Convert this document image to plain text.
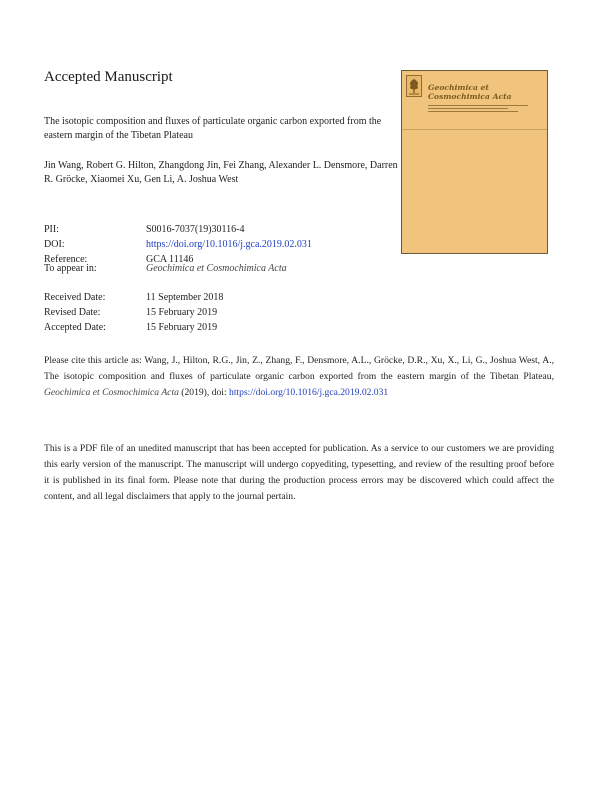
Accepted Manuscript
The isotopic composition and fluxes of particulate organic carbon exported from the eastern margin of the Tibetan Plateau
Jin Wang, Robert G. Hilton, Zhangdong Jin, Fei Zhang, Alexander L. Densmore, Darren R. Gröcke, Xiaomei Xu, Gen Li, A. Joshua West
PII:	S0016-7037(19)30116-4
DOI:	https://doi.org/10.1016/j.gca.2019.02.031
Reference:	GCA 11146
To appear in:	Geochimica et Cosmochimica Acta
Received Date:	11 September 2018
Revised Date:	15 February 2019
Accepted Date:	15 February 2019
Please cite this article as: Wang, J., Hilton, R.G., Jin, Z., Zhang, F., Densmore, A.L., Gröcke, D.R., Xu, X., Li, G., Joshua West, A., The isotopic composition and fluxes of particulate organic carbon exported from the eastern margin of the Tibetan Plateau, Geochimica et Cosmochimica Acta (2019), doi: https://doi.org/10.1016/j.gca.2019.02.031
This is a PDF file of an unedited manuscript that has been accepted for publication. As a service to our customers we are providing this early version of the manuscript. The manuscript will undergo copyediting, typesetting, and review of the resulting proof before it is published in its final form. Please note that during the production process errors may be discovered which could affect the content, and all legal disclaimers that apply to the journal pertain.
Geochimica et
Cosmochimica Acta
